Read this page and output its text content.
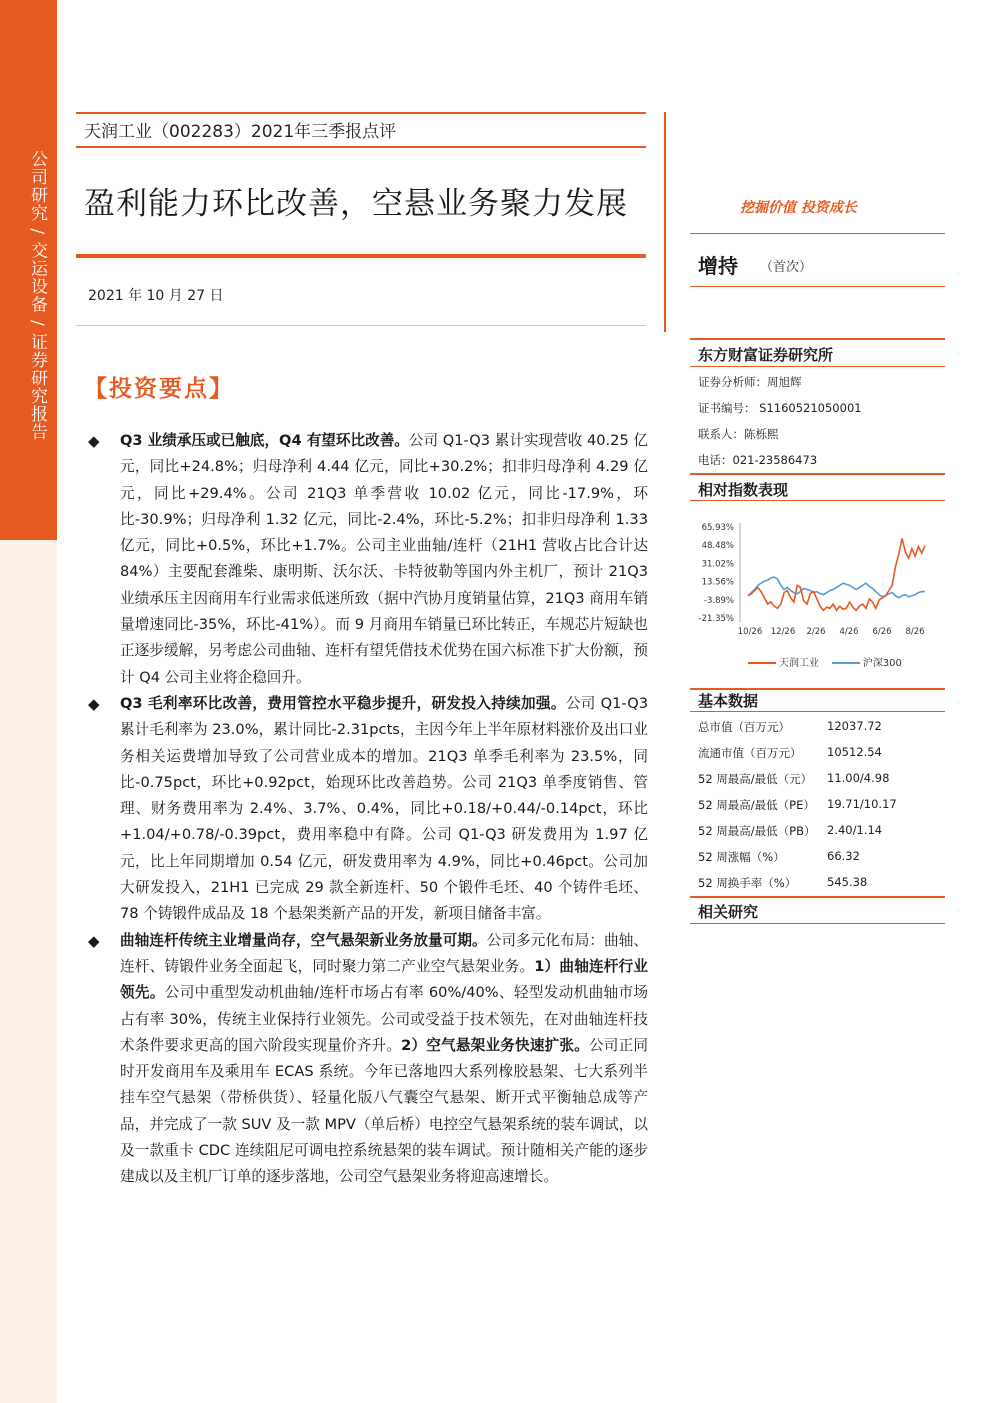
公司研究 / 交运设备 / 证券研究报告
天润工业（002283）2021年三季报点评
盈利能力环比改善，空悬业务聚力发展
2021 年 10 月 27 日
【投资要点】
◆ Q3 业绩承压或已触底，Q4 有望环比改善。公司 Q1-Q3 累计实现营收 40.25 亿元，同比+24.8%；归母净利 4.44 亿元，同比+30.2%；扣非归母净利 4.29 亿元，同比+29.4%。公司 21Q3 单季营收 10.02 亿元，同比-17.9%，环比-30.9%；归母净利 1.32 亿元，同比-2.4%，环比-5.2%；扣非归母净利 1.33 亿元，同比+0.5%，环比+1.7%。公司主业曲轴/连杆（21H1 营收占比合计达 84%）主要配套潍柴、康明斯、沃尔沃、卡特彼勒等国内外主机厂，预计 21Q3 业绩承压主因商用车行业需求低迷所致（据中汽协月度销量估算，21Q3 商用车销量增速同比-35%，环比-41%）。而 9 月商用车销量已环比转正，车规芯片短缺也正逐步缓解，另考虑公司曲轴、连杆有望凭借技术优势在国六标准下扩大份额，预计 Q4 公司主业将企稳回升。
◆ Q3 毛利率环比改善，费用管控水平稳步提升，研发投入持续加强。公司 Q1-Q3 累计毛利率为 23.0%，累计同比-2.31pcts，主因今年上半年原材料涨价及出口业务相关运费增加导致了公司营业成本的增加。21Q3 单季毛利率为 23.5%，同比-0.75pct，环比+0.92pct，始现环比改善趋势。公司 21Q3 单季度销售、管理、财务费用率为 2.4%、3.7%、0.4%，同比+0.18/+0.44/-0.14pct，环比+1.04/+0.78/-0.39pct，费用率稳中有降。公司 Q1-Q3 研发费用为 1.97 亿元，比上年同期增加 0.54 亿元，研发费用率为 4.9%，同比+0.46pct。公司加大研发投入，21H1 已完成 29 款全新连杆、50 个锻件毛坯、40 个铸件毛坯、78 个铸锻件成品及 18 个悬架类新产品的开发，新项目储备丰富。
◆ 曲轴连杆传统主业增量尚存，空气悬架新业务放量可期。公司多元化布局：曲轴、连杆、铸锻件业务全面起飞，同时聚力第二产业空气悬架业务。1）曲轴连杆行业领先。公司中重型发动机曲轴/连杆市场占有率 60%/40%、轻型发动机曲轴市场占有率 30%，传统主业保持行业领先。公司或受益于技术领先，在对曲轴连杆技术条件要求更高的国六阶段实现量价齐升。2）空气悬架业务快速扩张。公司正同时开发商用车及乘用车 ECAS 系统。今年已落地四大系列橡胶悬架、七大系列半挂车空气悬架（带桥供货）、轻量化版八气囊空气悬架、断开式平衡轴总成等产品，并完成了一款 SUV 及一款 MPV（单后桥）电控空气悬架系统的装车调试，以及一款重卡 CDC 连续阻尼可调电控系统悬架的装车调试。预计随相关产能的逐步建成以及主机厂订单的逐步落地，公司空气悬架业务将迎高速增长。
挖掘价值 投资成长
增持 （首次）
东方财富证券研究所
证券分析师：周旭辉
证书编号： S1160521050001
联系人：陈栎熙
电话：021-23586473
相对指数表现
65.93%
48.48%
31.02%
13.56%
-3.89%
-21.35%
10/26 12/26 2/26 4/26 6/26 8/26
天润工业	沪深300
基本数据
总市值（百万元）	12037.72
流通市值（百万元） 10512.54
52 周最高/最低（元） 11.00/4.98
52 周最高/最低（PE） 19.71/10.17
52 周最高/最低（PB） 2.40/1.14
52 周涨幅（%）	66.32
52 周换手率（%）	545.38
相关研究
